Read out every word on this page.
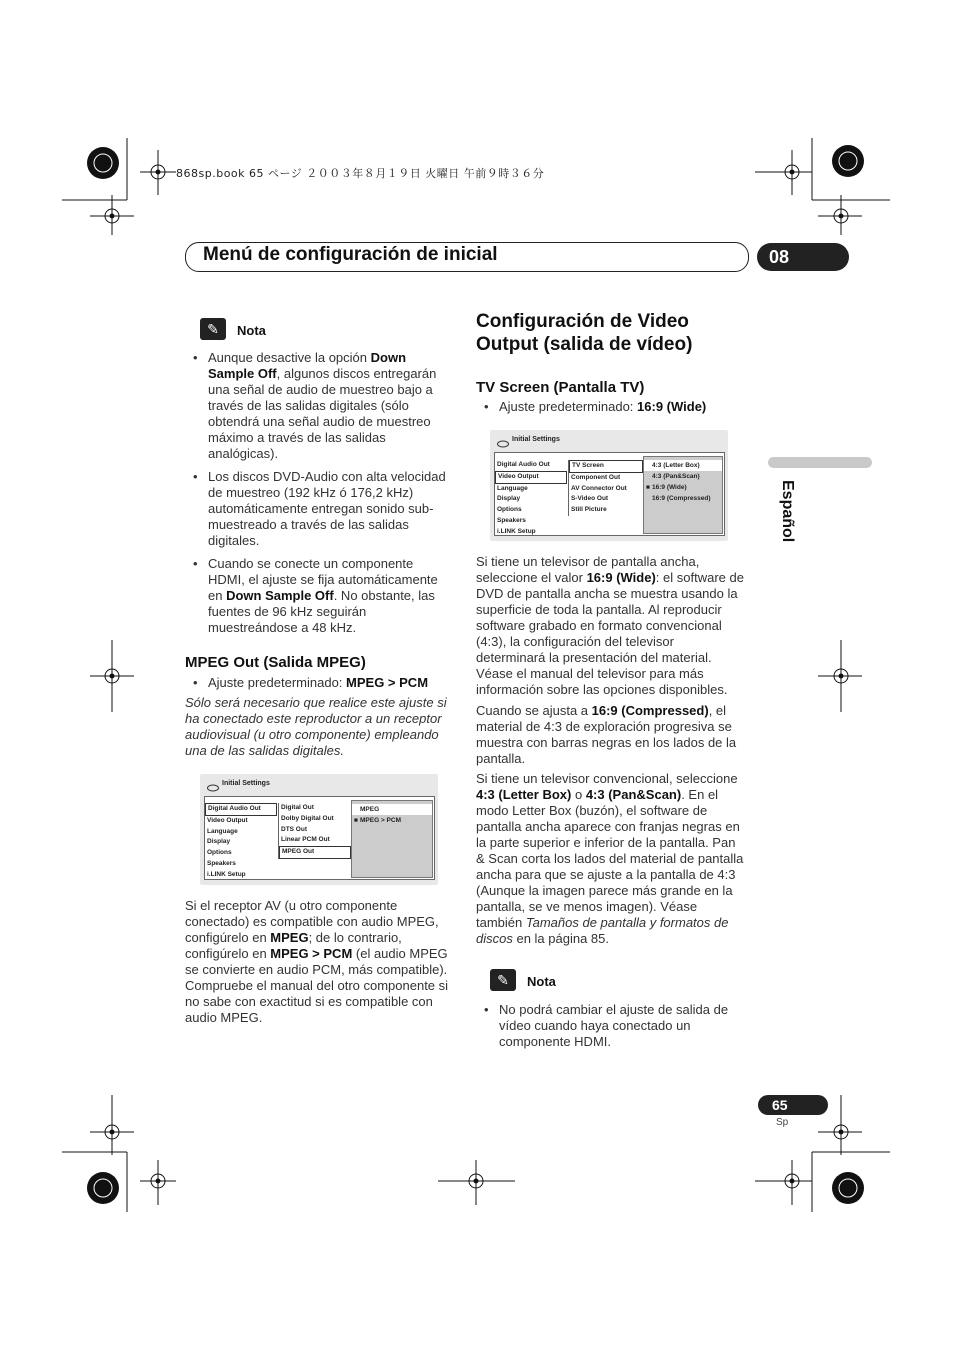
868sp.book 65 ページ ２００３年８月１９日 火曜日 午前９時３６分
Menú de configuración de inicial	08
Español
✎	Nota
• Aunque desactive la opción Down Sample Off, algunos discos entregarán una señal de audio de muestreo bajo a través de las salidas digitales (sólo obtendrá una señal audio de muestreo máximo a través de las salidas analógicas).
• Los discos DVD-Audio con alta velocidad de muestreo (192 kHz ó 176,2 kHz) automáticamente entregan sonido sub-muestreado a través de las salidas digitales.
• Cuando se conecte un componente HDMI, el ajuste se fija automáticamente en Down Sample Off. No obstante, las fuentes de 96 kHz seguirán muestreándose a 48 kHz.
MPEG Out (Salida MPEG)
• Ajuste predeterminado: MPEG > PCM
Sólo será necesario que realice este ajuste si ha conectado este reproductor a un receptor audiovisual (u otro componente) empleando una de las salidas digitales.
Initial Settings
Digital Audio Out
Video Output
Language
Display
Options
Speakers
i.LINK Setup
Digital Out
Dolby Digital Out
DTS Out
Linear PCM Out
MPEG Out
MPEG
■ MPEG > PCM
Si el receptor AV (u otro componente conectado) es compatible con audio MPEG, configúrelo en MPEG; de lo contrario, configúrelo en MPEG > PCM (el audio MPEG se convierte en audio PCM, más compatible). Compruebe el manual del otro componente si no sabe con exactitud si es compatible con audio MPEG.
Configuración de Video Output (salida de vídeo)
TV Screen (Pantalla TV)
• Ajuste predeterminado: 16:9 (Wide)
Initial Settings
Digital Audio Out
Video Output
Language
Display
Options
Speakers
i.LINK Setup
TV Screen
Component Out
AV Connector Out
S-Video Out
Still Picture
4:3 (Letter Box)
4:3 (Pan&Scan)
■ 16:9 (Wide)
16:9 (Compressed)

Si tiene un televisor de pantalla ancha, seleccione el valor 16:9 (Wide): el software de DVD de pantalla ancha se muestra usando la superficie de toda la pantalla. Al reproducir software grabado en formato convencional (4:3), la configuración del televisor determinará la presentación del material. Véase el manual del televisor para más información sobre las opciones disponibles.

Cuando se ajusta a 16:9 (Compressed), el material de 4:3 de exploración progresiva se muestra con barras negras en los lados de la pantalla.

Si tiene un televisor convencional, seleccione 4:3 (Letter Box) o 4:3 (Pan&Scan). En el modo Letter Box (buzón), el software de pantalla ancha aparece con franjas negras en la parte superior e inferior de la pantalla. Pan & Scan corta los lados del material de pantalla ancha para que se ajuste a la pantalla de 4:3 (Aunque la imagen parece más grande en la pantalla, se ve menos imagen). Véase también Tamaños de pantalla y formatos de discos en la página 85.

✎	Nota
• No podrá cambiar el ajuste de salida de vídeo cuando haya conectado un componente HDMI.
65
Sp
